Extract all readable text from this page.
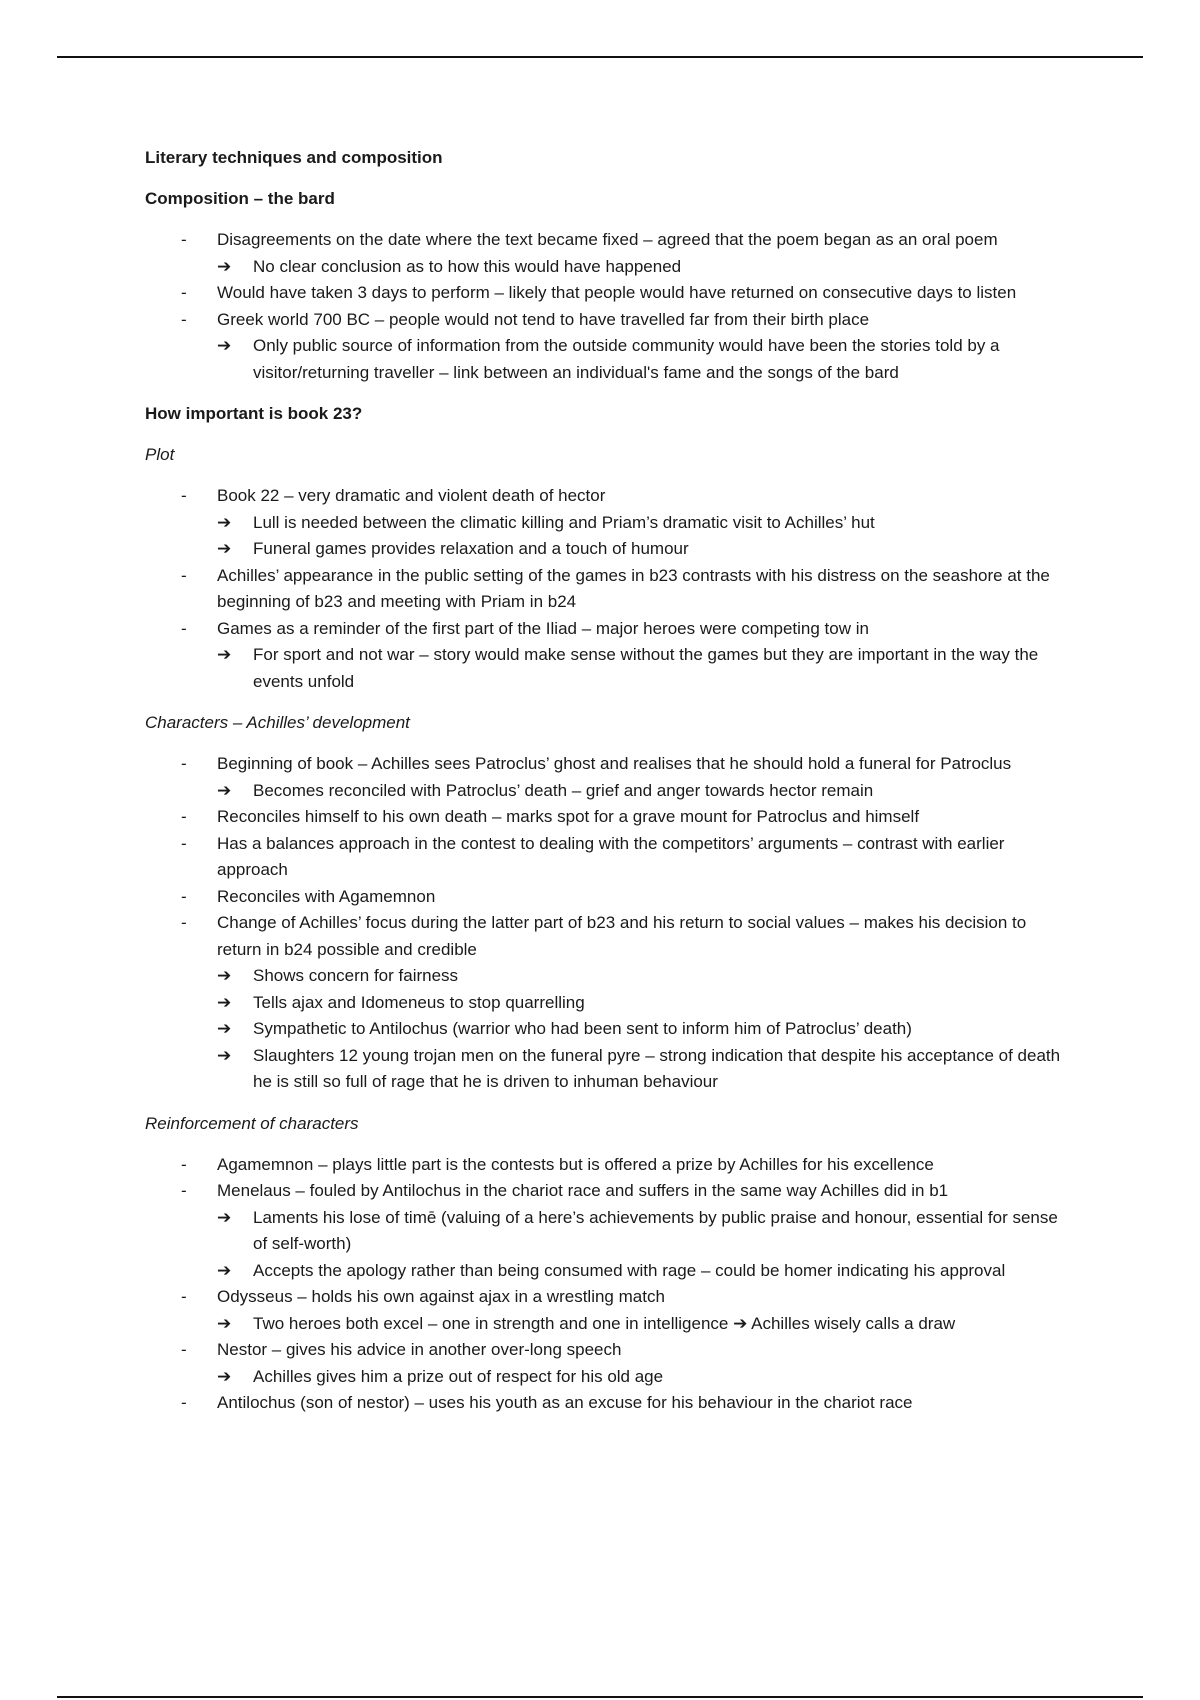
Literary techniques and composition
Composition – the bard
- Disagreements on the date where the text became fixed – agreed that the poem began as an oral poem
➔ No clear conclusion as to how this would have happened
- Would have taken 3 days to perform – likely that people would have returned on consecutive days to listen
- Greek world 700 BC – people would not tend to have travelled far from their birth place
➔ Only public source of information from the outside community would have been the stories told by a visitor/returning traveller – link between an individual's fame and the songs of the bard
How important is book 23?

Plot

- Book 22 – very dramatic and violent death of hector
➔ Lull is needed between the climatic killing and Priam’s dramatic visit to Achilles’ hut
➔ Funeral games provides relaxation and a touch of humour
- Achilles’ appearance in the public setting of the games in b23 contrasts with his distress on the seashore at the beginning of b23 and meeting with Priam in b24
- Games as a reminder of the first part of the Iliad – major heroes were competing tow in
➔ For sport and not war – story would make sense without the games but they are important in the way the events unfold

Characters – Achilles’ development

- Beginning of book – Achilles sees Patroclus’ ghost and realises that he should hold a funeral for Patroclus
➔ Becomes reconciled with Patroclus’ death – grief and anger towards hector remain
- Reconciles himself to his own death – marks spot for a grave mount for Patroclus and himself
- Has a balances approach in the contest to dealing with the competitors’ arguments – contrast with earlier approach
- Reconciles with Agamemnon
- Change of Achilles’ focus during the latter part of b23 and his return to social values – makes his decision to return in b24 possible and credible
➔ Shows concern for fairness
➔ Tells ajax and Idomeneus to stop quarrelling
➔ Sympathetic to Antilochus (warrior who had been sent to inform him of Patroclus’ death)
➔ Slaughters 12 young trojan men on the funeral pyre – strong indication that despite his acceptance of death he is still so full of rage that he is driven to inhuman behaviour

Reinforcement of characters

- Agamemnon – plays little part is the contests but is offered a prize by Achilles for his excellence
- Menelaus – fouled by Antilochus in the chariot race and suffers in the same way Achilles did in b1
➔ Laments his lose of timē (valuing of a here’s achievements by public praise and honour, essential for sense of self-worth)
➔ Accepts the apology rather than being consumed with rage – could be homer indicating his approval
- Odysseus – holds his own against ajax in a wrestling match
➔ Two heroes both excel – one in strength and one in intelligence ➔ Achilles wisely calls a draw
- Nestor – gives his advice in another over-long speech
➔ Achilles gives him a prize out of respect for his old age
- Antilochus (son of nestor) – uses his youth as an excuse for his behaviour in the chariot race
